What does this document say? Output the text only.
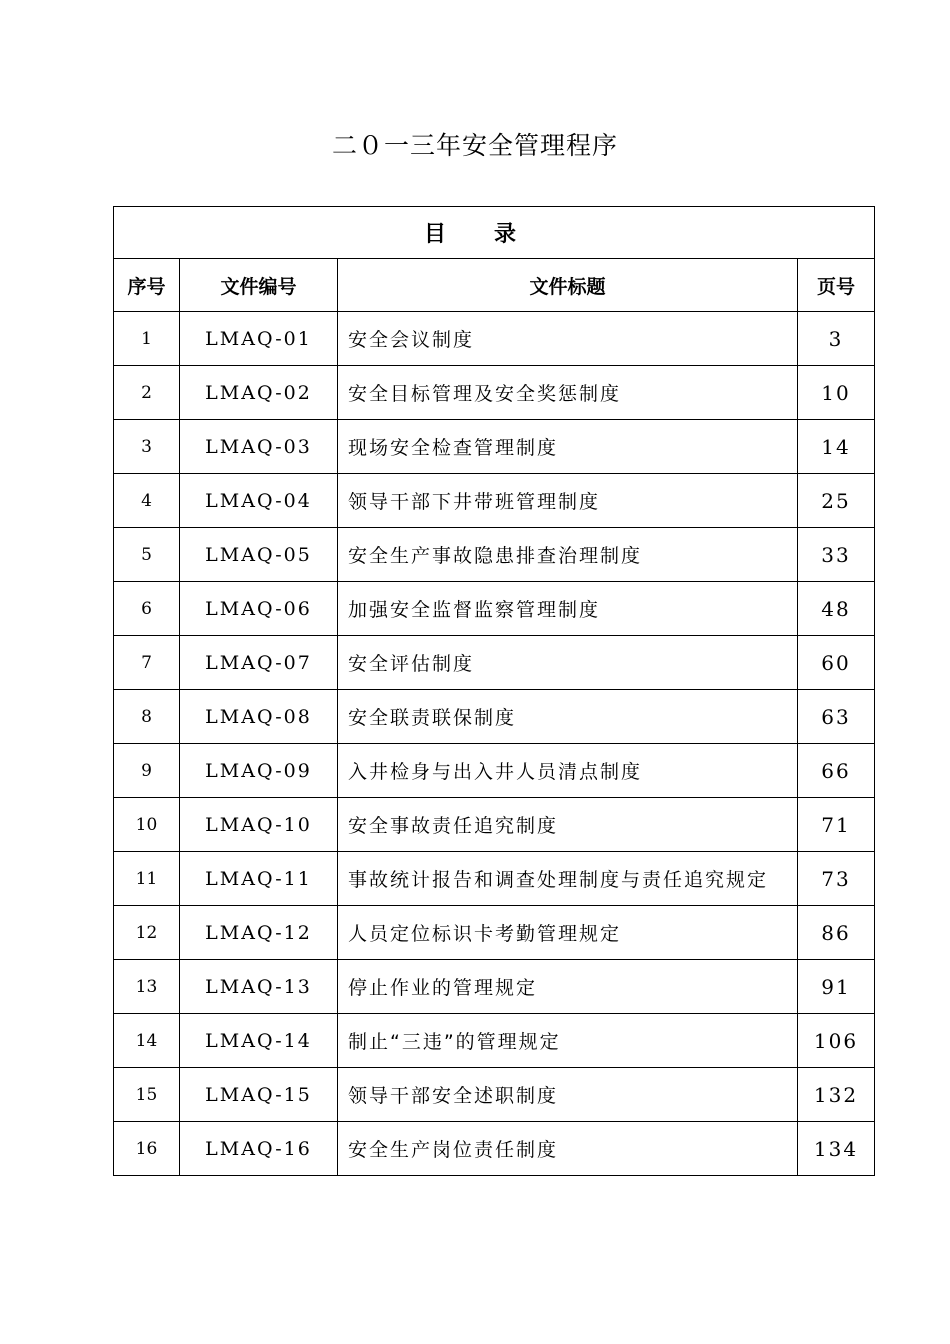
二０一三年安全管理程序
目录			
序号	文件编号	文件标题	页号
1	LMAQ-01	安全会议制度	3
2	LMAQ-02	安全目标管理及安全奖惩制度	10
3	LMAQ-03	现场安全检查管理制度	14
4	LMAQ-04	领导干部下井带班管理制度	25
5	LMAQ-05	安全生产事故隐患排查治理制度	33
6	LMAQ-06	加强安全监督监察管理制度	48
7	LMAQ-07	安全评估制度	60
8	LMAQ-08	安全联责联保制度	63
9	LMAQ-09	入井检身与出入井人员清点制度	66
10	LMAQ-10	安全事故责任追究制度	71
11	LMAQ-11	事故统计报告和调查处理制度与责任追究规定	73
12	LMAQ-12	人员定位标识卡考勤管理规定	86
13	LMAQ-13	停止作业的管理规定	91
14	LMAQ-14	制止“三违”的管理规定	106
15	LMAQ-15	领导干部安全述职制度	132
16	LMAQ-16	安全生产岗位责任制度	134
